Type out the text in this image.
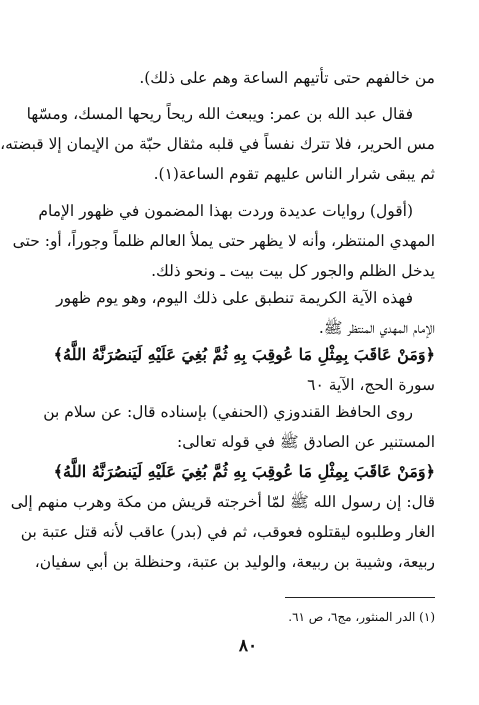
من خالفهم حتى تأتيهم الساعة وهم على ذلك).
فقال عبد الله بن عمر: ويبعث الله ريحاً ريحها المسك، ومسّها
مس الحرير، فلا تترك نفساً في قلبه مثقال حبّة من الإيمان إلا قبضته،
ثم يبقى شرار الناس عليهم تقوم الساعة(١).
(أقول) روايات عديدة وردت بهذا المضمون في ظهور الإمام
المهدي المنتظر، وأنه لا يظهر حتى يملأ العالم ظلماً وجوراً، أو: حتى
يدخل الظلم والجور كل بيت بيت ـ ونحو ذلك.
فهذه الآية الكريمة تنطبق على ذلك اليوم، وهو يوم ظهور
الإمام المهدي المنتظر ﷺ.
﴿وَمَنْ عَاقَبَ بِمِثْلِ مَا عُوقِبَ بِهِ ثُمَّ بُغِيَ عَلَيْهِ لَيَنصُرَنَّهُ اللَّهُ﴾
سورة الحج، الآية ٦٠
روى الحافظ القندوزي (الحنفي) بإسناده قال: عن سلام بن
المستنير عن الصادق ﷺ في قوله تعالى:
﴿وَمَنْ عَاقَبَ بِمِثْلِ مَا عُوقِبَ بِهِ ثُمَّ بُغِيَ عَلَيْهِ لَيَنصُرَنَّهُ اللَّهُ﴾
قال: إن رسول الله ﷺ لمّا أخرجته قريش من مكة وهرب منهم إلى
الغار وطلبوه ليقتلوه فعوقب، ثم في (بدر) عاقب لأنه قتل عتبة بن
ربيعة، وشيبة بن ربيعة، والوليد بن عتبة، وحنظلة بن أبي سفيان،
(١) الدر المنثور، مج٦، ص ٦١.
٨٠
